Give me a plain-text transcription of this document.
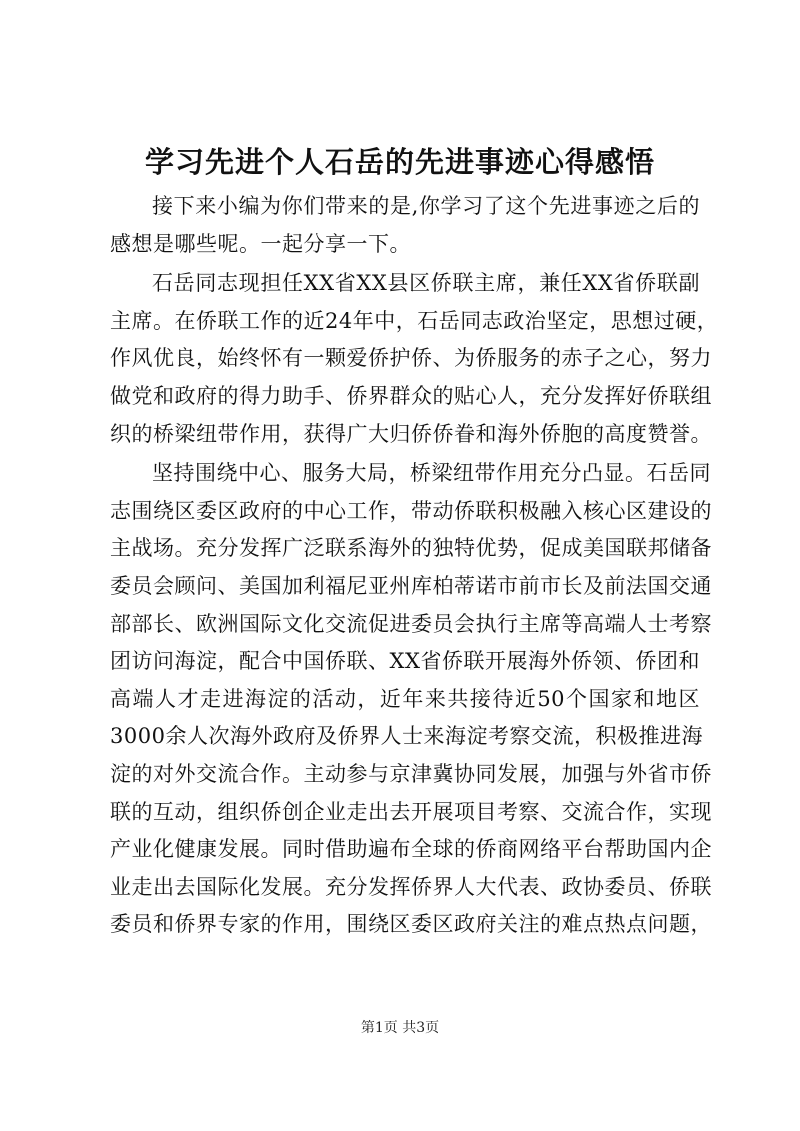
学习先进个人石岳的先进事迹心得感悟

接下来小编为你们带来的是,你学习了这个先进事迹之后的
感想是哪些呢。一起分享一下。

石岳同志现担任XX省XX县区侨联主席，兼任XX省侨联副
主席。在侨联工作的近24年中，石岳同志政治坚定，思想过硬，
作风优良，始终怀有一颗爱侨护侨、为侨服务的赤子之心，努力
做党和政府的得力助手、侨界群众的贴心人，充分发挥好侨联组
织的桥梁纽带作用，获得广大归侨侨眷和海外侨胞的高度赞誉。

坚持围绕中心、服务大局，桥梁纽带作用充分凸显。石岳同
志围绕区委区政府的中心工作，带动侨联积极融入核心区建设的
主战场。充分发挥广泛联系海外的独特优势，促成美国联邦储备
委员会顾问、美国加利福尼亚州库柏蒂诺市前市长及前法国交通
部部长、欧洲国际文化交流促进委员会执行主席等高端人士考察
团访问海淀，配合中国侨联、XX省侨联开展海外侨领、侨团和
高端人才走进海淀的活动，近年来共接待近50个国家和地区
3000余人次海外政府及侨界人士来海淀考察交流，积极推进海
淀的对外交流合作。主动参与京津冀协同发展，加强与外省市侨
联的互动，组织侨创企业走出去开展项目考察、交流合作，实现
产业化健康发展。同时借助遍布全球的侨商网络平台帮助国内企
业走出去国际化发展。充分发挥侨界人大代表、政协委员、侨联
委员和侨界专家的作用，围绕区委区政府关注的难点热点问题，

第1页 共3页
